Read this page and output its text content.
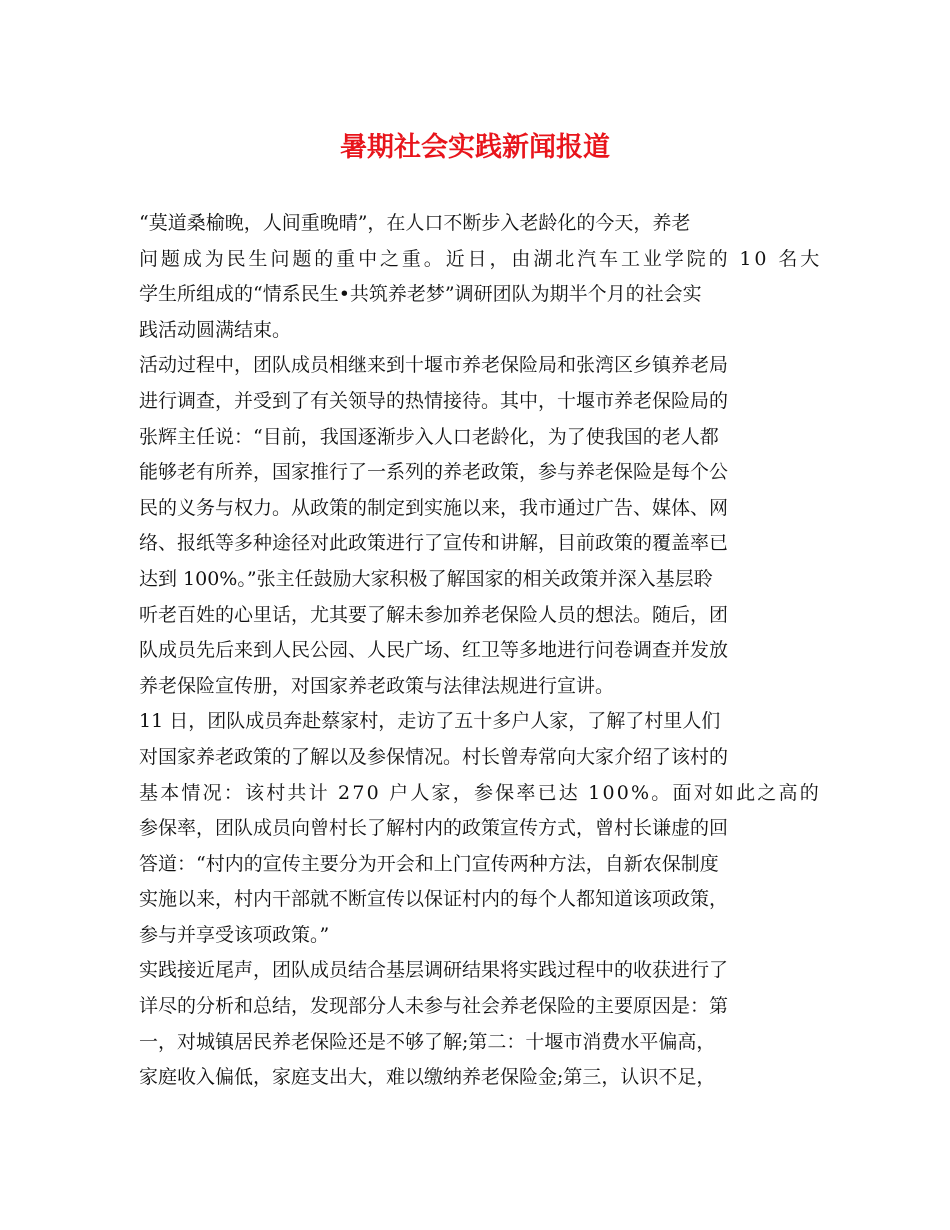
暑期社会实践新闻报道
“莫道桑榆晚，人间重晚晴”，在人口不断步入老龄化的今天，养老
问题成为民生问题的重中之重。近日，由湖北汽车工业学院的 10 名大
学生所组成的“情系民生•共筑养老梦”调研团队为期半个月的社会实
践活动圆满结束。
活动过程中，团队成员相继来到十堰市养老保险局和张湾区乡镇养老局
进行调查，并受到了有关领导的热情接待。其中，十堰市养老保险局的
张辉主任说：“目前，我国逐渐步入人口老龄化，为了使我国的老人都
能够老有所养，国家推行了一系列的养老政策，参与养老保险是每个公
民的义务与权力。从政策的制定到实施以来，我市通过广告、媒体、网
络、报纸等多种途径对此政策进行了宣传和讲解，目前政策的覆盖率已
达到 100%。”张主任鼓励大家积极了解国家的相关政策并深入基层聆
听老百姓的心里话，尤其要了解未参加养老保险人员的想法。随后，团
队成员先后来到人民公园、人民广场、红卫等多地进行问卷调查并发放
养老保险宣传册，对国家养老政策与法律法规进行宣讲。
11 日，团队成员奔赴蔡家村，走访了五十多户人家，了解了村里人们
对国家养老政策的了解以及参保情况。村长曾寿常向大家介绍了该村的
基本情况：该村共计 270 户人家，参保率已达 100%。面对如此之高的
参保率，团队成员向曾村长了解村内的政策宣传方式，曾村长谦虚的回
答道：“村内的宣传主要分为开会和上门宣传两种方法，自新农保制度
实施以来，村内干部就不断宣传以保证村内的每个人都知道该项政策，
参与并享受该项政策。”
实践接近尾声，团队成员结合基层调研结果将实践过程中的收获进行了
详尽的分析和总结，发现部分人未参与社会养老保险的主要原因是：第
一，对城镇居民养老保险还是不够了解;第二：十堰市消费水平偏高，
家庭收入偏低，家庭支出大，难以缴纳养老保险金;第三，认识不足，
